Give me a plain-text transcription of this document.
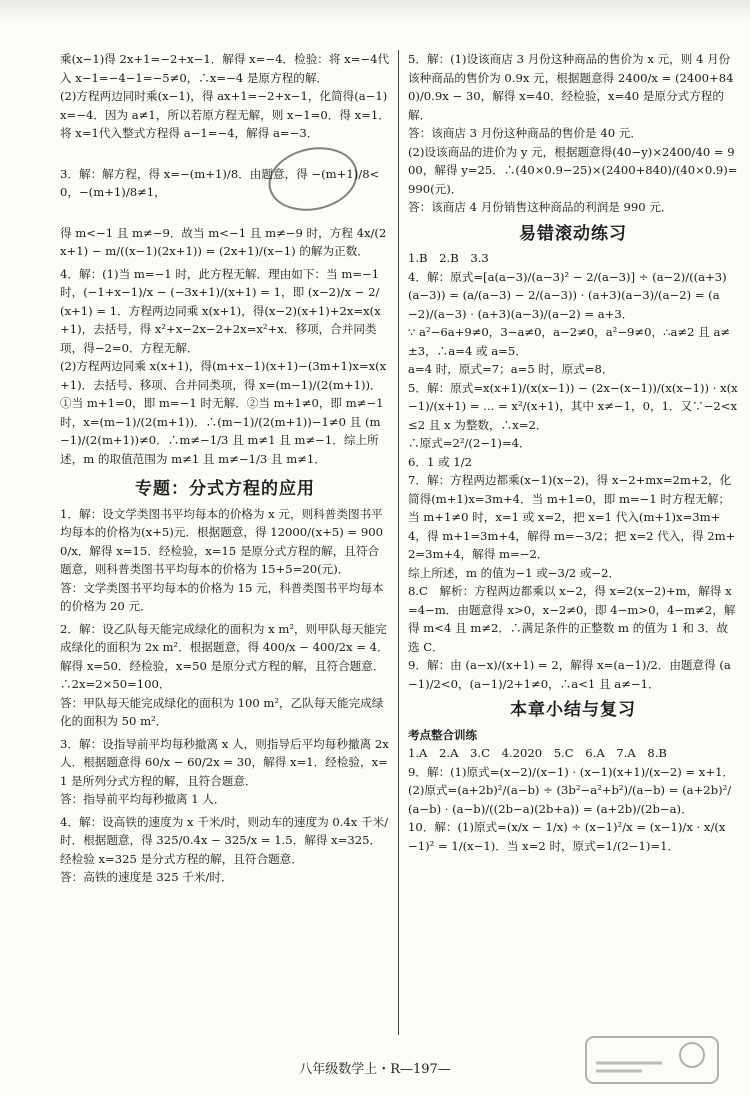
乘(x−1)得 2x+1=−2+x−1．解得 x=−4．检验：将 x=−4代入 x−1=−4−1=−5≠0，∴x=−4 是原方程的解．

(2)方程两边同时乘(x−1)，得 ax+1=−2+x−1，化简得(a−1)x=−4．因为 a≠1，所以若原方程无解，则 x−1=0．得 x=1．将 x=1代入整式方程得 a−1=−4，解得 a=−3．

3．解：解方程，得 x=−(m+1)/8．由题意，得 −(m+1)/8<0，−(m+1)/8≠1，

得 m<−1 且 m≠−9．故当 m<−1 且 m≠−9 时，方程 4x/(2x+1) − m/((x−1)(2x+1)) = (2x+1)/(x−1) 的解为正数．

4．解：(1)当 m=−1 时，此方程无解．理由如下：当 m=−1 时，(−1+x−1)/x − (−3x+1)/(x+1) = 1，即 (x−2)/x − 2/(x+1) = 1．方程两边同乘 x(x+1)，得(x−2)(x+1)+2x=x(x+1)，去括号，得 x²+x−2x−2+2x=x²+x．移项，合并同类项，得−2=0．方程无解．

(2)方程两边同乘 x(x+1)，得(m+x−1)(x+1)−(3m+1)x=x(x+1)．去括号、移项、合并同类项，得 x=(m−1)/(2(m+1))．①当 m+1=0，即 m=−1 时无解．②当 m+1≠0，即 m≠−1 时，x=(m−1)/(2(m+1))．∴(m−1)/(2(m+1))−1≠0 且 (m−1)/(2(m+1))≠0．∴m≠−1/3 且 m≠1 且 m≠−1．综上所述，m 的取值范围为 m≠1 且 m≠−1/3 且 m≠1．

专题：分式方程的应用

1．解：设文学类图书平均每本的价格为 x 元，则科普类图书平均每本的价格为(x+5)元．根据题意，得 12000/(x+5) = 9000/x．解得 x=15．经检验，x=15 是原分式方程的解，且符合题意，则科普类图书平均每本的价格为 15+5=20(元)．

答：文学类图书平均每本的价格为 15 元，科普类图书平均每本的价格为 20 元．

2．解：设乙队每天能完成绿化的面积为 x m²，则甲队每天能完成绿化的面积为 2x m²．根据题意，得 400/x − 400/2x = 4．解得 x=50．经检验，x=50 是原分式方程的解，且符合题意．∴2x=2×50=100．

答：甲队每天能完成绿化的面积为 100 m²，乙队每天能完成绿化的面积为 50 m²．

3．解：设指导前平均每秒撤离 x 人，则指导后平均每秒撤离 2x 人．根据题意得 60/x − 60/2x = 30，解得 x=1．经检验，x=1 是所列分式方程的解，且符合题意．

答：指导前平均每秒撤离 1 人．

4．解：设高铁的速度为 x 千米/时，则动车的速度为 0.4x 千米/时．根据题意，得 325/0.4x − 325/x = 1.5．解得 x=325．经检验 x=325 是分式方程的解，且符合题意．

答：高铁的速度是 325 千米/时．

5．解：(1)设该商店 3 月份这种商品的售价为 x 元，则 4 月份该种商品的售价为 0.9x 元，根据题意得 2400/x = (2400+840)/0.9x − 30，解得 x=40．经检验，x=40 是原分式方程的解．

答：该商店 3 月份这种商品的售价是 40 元．

(2)设该商品的进价为 y 元，根据题意得(40−y)×2400/40 = 900，解得 y=25．∴(40×0.9−25)×(2400+840)/(40×0.9)=990(元)．

答：该商店 4 月份销售这种商品的利润是 990 元．

易错滚动练习

1.B　2.B　3.3

4．解：原式=[a(a−3)/(a−3)² − 2/(a−3)] ÷ (a−2)/((a+3)(a−3)) = (a/(a−3) − 2/(a−3)) · (a+3)(a−3)/(a−2) = (a−2)/(a−3) · (a+3)(a−3)/(a−2) = a+3．

∵ a²−6a+9≠0，3−a≠0，a−2≠0，a²−9≠0，∴a≠2 且 a≠±3，∴a=4 或 a=5．

a=4 时，原式=7；a=5 时，原式=8．

5．解：原式=x(x+1)/(x(x−1)) − (2x−(x−1))/(x(x−1)) · x(x−1)/(x+1) = ... = x²/(x+1)，其中 x≠−1，0，1．又∵−2<x≤2 且 x 为整数，∴x=2．

∴原式=2²/(2−1)=4．

6．1 或 1/2

7．解：方程两边都乘(x−1)(x−2)，得 x−2+mx=2m+2，化简得(m+1)x=3m+4．当 m+1=0，即 m=−1 时方程无解；当 m+1≠0 时，x=1 或 x=2，把 x=1 代入(m+1)x=3m+4，得 m+1=3m+4，解得 m=−3/2；把 x=2 代入，得 2m+2=3m+4，解得 m=−2．

综上所述，m 的值为−1 或−3/2 或−2．

8.C　解析：方程两边都乘以 x−2，得 x=2(x−2)+m，解得 x=4−m．由题意得 x>0，x−2≠0，即 4−m>0，4−m≠2，解得 m<4 且 m≠2．∴满足条件的正整数 m 的值为 1 和 3．故选 C．

9．解：由 (a−x)/(x+1) = 2，解得 x=(a−1)/2．由题意得 (a−1)/2<0，(a−1)/2+1≠0，∴a<1 且 a≠−1．

本章小结与复习
考点整合训练

1.A　2.A　3.C　4.2020　5.C　6.A　7.A　8.B

9．解：(1)原式=(x−2)/(x−1) · (x−1)(x+1)/(x−2) = x+1．

(2)原式=(a+2b)²/(a−b) ÷ (3b²−a²+b²)/(a−b) = (a+2b)²/(a−b) · (a−b)/((2b−a)(2b+a)) = (a+2b)/(2b−a)．

10．解：(1)原式=(x/x − 1/x) ÷ (x−1)²/x = (x−1)/x · x/(x−1)² = 1/(x−1)．当 x=2 时，原式=1/(2−1)=1．

八年级数学上・R—197—
